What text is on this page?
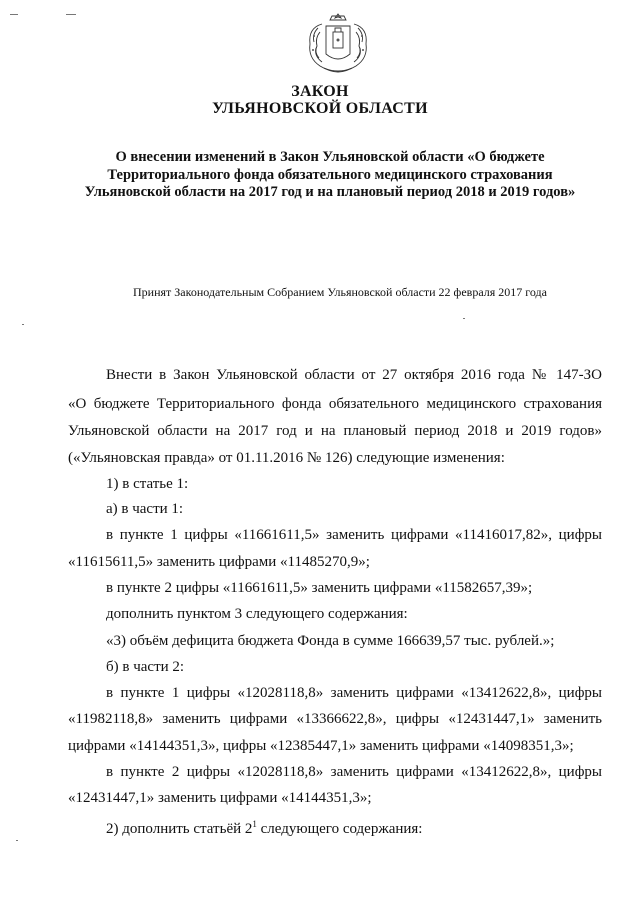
ЗАКОН
УЛЬЯНОВСКОЙ ОБЛАСТИ
О внесении изменений в Закон Ульяновской области «О бюджете Территориального фонда обязательного медицинского страхования Ульяновской области на 2017 год и на плановый период 2018 и 2019 годов»
Принят Законодательным Собранием Ульяновской области 22 февраля 2017 года
Внести в Закон Ульяновской области от 27 октября 2016 года № 147-ЗО
«О бюджете Территориального фонда обязательного медицинского страхования
Ульяновской области на 2017 год и на плановый период 2018 и 2019 годов»
(«Ульяновская правда» от 01.11.2016 № 126) следующие изменения:
1) в статье 1:
а) в части 1:
в пункте 1 цифры «11661611,5» заменить цифрами «11416017,82», цифры
«11615611,5» заменить цифрами «11485270,9»;
в пункте 2 цифры «11661611,5» заменить цифрами «11582657,39»;
дополнить пунктом 3 следующего содержания:
«3) объём дефицита бюджета Фонда в сумме 166639,57 тыс. рублей.»;
б) в части 2:
в пункте 1 цифры «12028118,8» заменить цифрами «13412622,8», цифры
«11982118,8» заменить цифрами «13366622,8», цифры «12431447,1» заменить
цифрами «14144351,3», цифры «12385447,1» заменить цифрами «14098351,3»;
в пункте 2 цифры «12028118,8» заменить цифрами «13412622,8», цифры
«12431447,1» заменить цифрами «14144351,3»;
2) дополнить статьёй $2^1$ следующего содержания:
